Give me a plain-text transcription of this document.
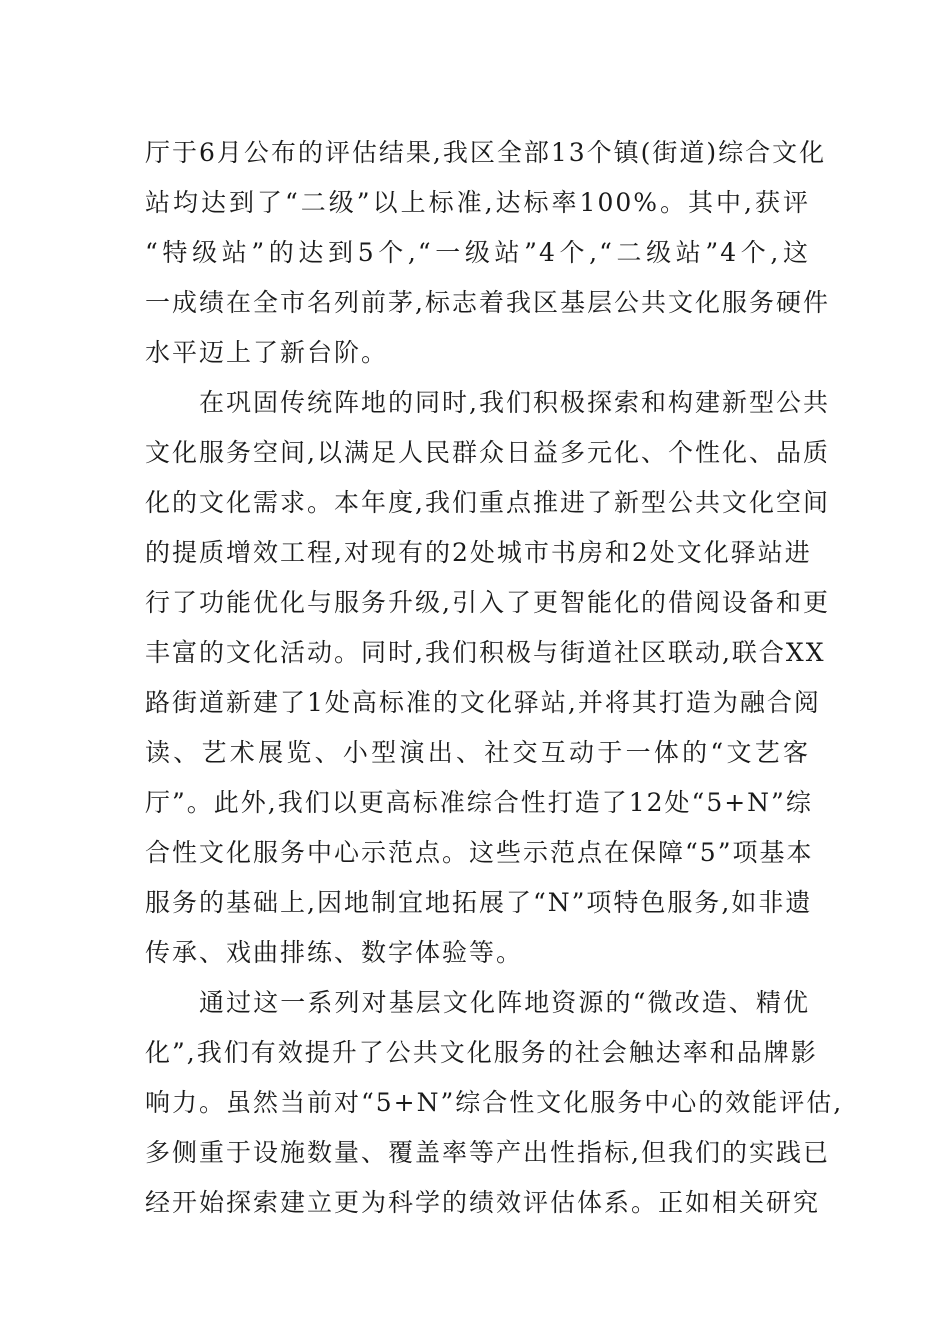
厅于6月公布的评估结果,我区全部13个镇(街道)综合文化
站均达到了“二级”以上标准,达标率100%。其中,获评
“特级站”的达到5个,“一级站”4个,“二级站”4个,这
一成绩在全市名列前茅,标志着我区基层公共文化服务硬件
水平迈上了新台阶。

在巩固传统阵地的同时,我们积极探索和构建新型公共
文化服务空间,以满足人民群众日益多元化、个性化、品质
化的文化需求。本年度,我们重点推进了新型公共文化空间
的提质增效工程,对现有的2处城市书房和2处文化驿站进
行了功能优化与服务升级,引入了更智能化的借阅设备和更
丰富的文化活动。同时,我们积极与街道社区联动,联合XX
路街道新建了1处高标准的文化驿站,并将其打造为融合阅
读、艺术展览、小型演出、社交互动于一体的“文艺客
厅”。此外,我们以更高标准综合性打造了12处“5+N”综
合性文化服务中心示范点。这些示范点在保障“5”项基本
服务的基础上,因地制宜地拓展了“N”项特色服务,如非遗
传承、戏曲排练、数字体验等。

通过这一系列对基层文化阵地资源的“微改造、精优
化”,我们有效提升了公共文化服务的社会触达率和品牌影
响力。虽然当前对“5+N”综合性文化服务中心的效能评估,
多侧重于设施数量、覆盖率等产出性指标,但我们的实践已
经开始探索建立更为科学的绩效评估体系。正如相关研究
